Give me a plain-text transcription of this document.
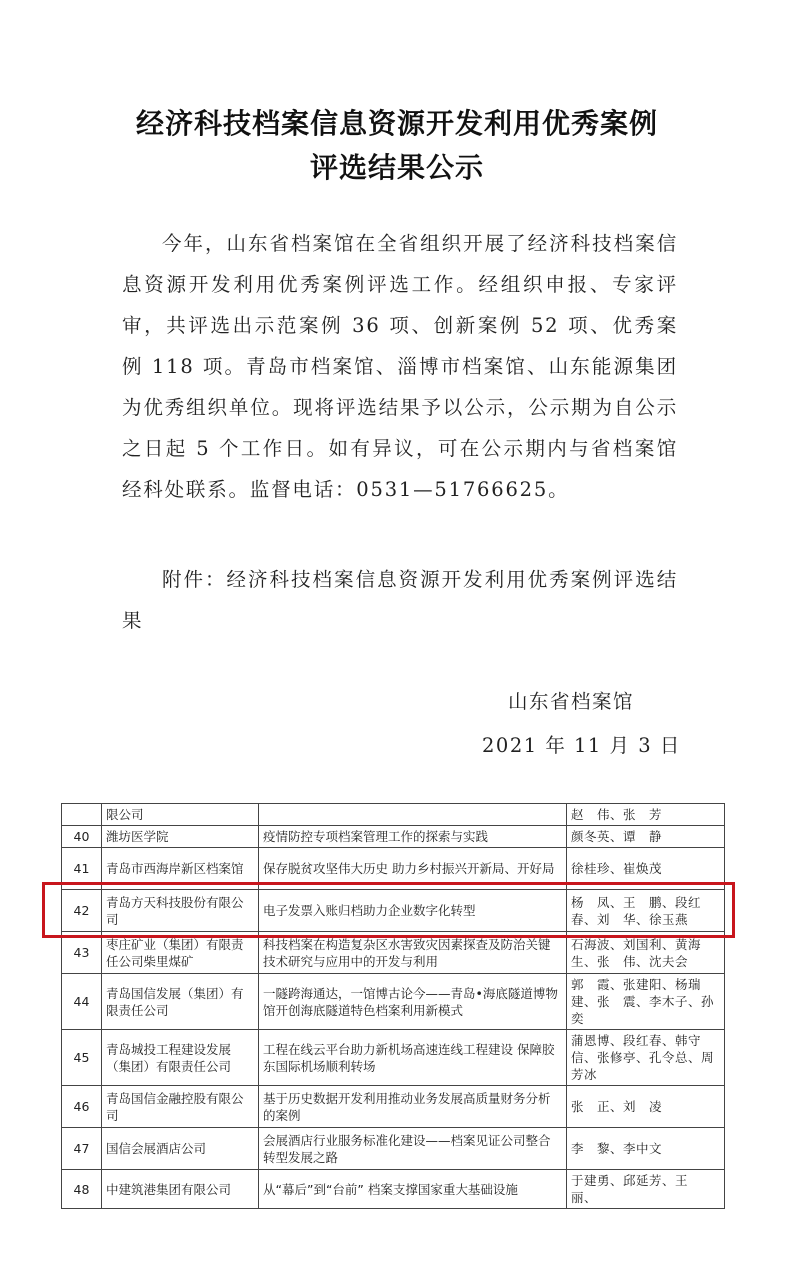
经济科技档案信息资源开发利用优秀案例
评选结果公示

今年，山东省档案馆在全省组织开展了经济科技档案信息资源开发利用优秀案例评选工作。经组织申报、专家评审，共评选出示范案例 36 项、创新案例 52 项、优秀案例 118 项。青岛市档案馆、淄博市档案馆、山东能源集团为优秀组织单位。现将评选结果予以公示，公示期为自公示之日起 5 个工作日。如有异议，可在公示期内与省档案馆经科处联系。监督电话：0531—51766625。

附件：经济科技档案信息资源开发利用优秀案例评选结果

山东省档案馆
2021 年 11 月 3 日
	限公司		赵　伟、张　芳
40	潍坊医学院	疫情防控专项档案管理工作的探索与实践	颜冬英、谭　静
41	青岛市西海岸新区档案馆	保存脱贫攻坚伟大历史 助力乡村振兴开新局、开好局	徐桂珍、崔焕茂
42	青岛方天科技股份有限公司	电子发票入账归档助力企业数字化转型	杨　凤、王　鹏、段红春、刘　华、徐玉燕
43	枣庄矿业（集团）有限责任公司柴里煤矿	科技档案在构造复杂区水害致灾因素探查及防治关键技术研究与应用中的开发与利用	石海波、刘国利、黄海生、张　伟、沈夫会
44	青岛国信发展（集团）有限责任公司	一隧跨海通达，一馆博古论今——青岛•海底隧道博物馆开创海底隧道特色档案利用新模式	郭　霞、张建阳、杨瑞建、张　震、李木子、孙　奕
45	青岛城投工程建设发展（集团）有限责任公司	工程在线云平台助力新机场高速连线工程建设 保障胶东国际机场顺利转场	蒲恩博、段红春、韩守信、张修亭、孔令总、周芳冰
46	青岛国信金融控股有限公司	基于历史数据开发利用推动业务发展高质量财务分析的案例	张　正、刘　凌
47	国信会展酒店公司	会展酒店行业服务标准化建设——档案见证公司整合转型发展之路	李　黎、李中文
48	中建筑港集团有限公司	从“幕后”到“台前” 档案支撑国家重大基础设施	于建勇、邱延芳、王　丽、
